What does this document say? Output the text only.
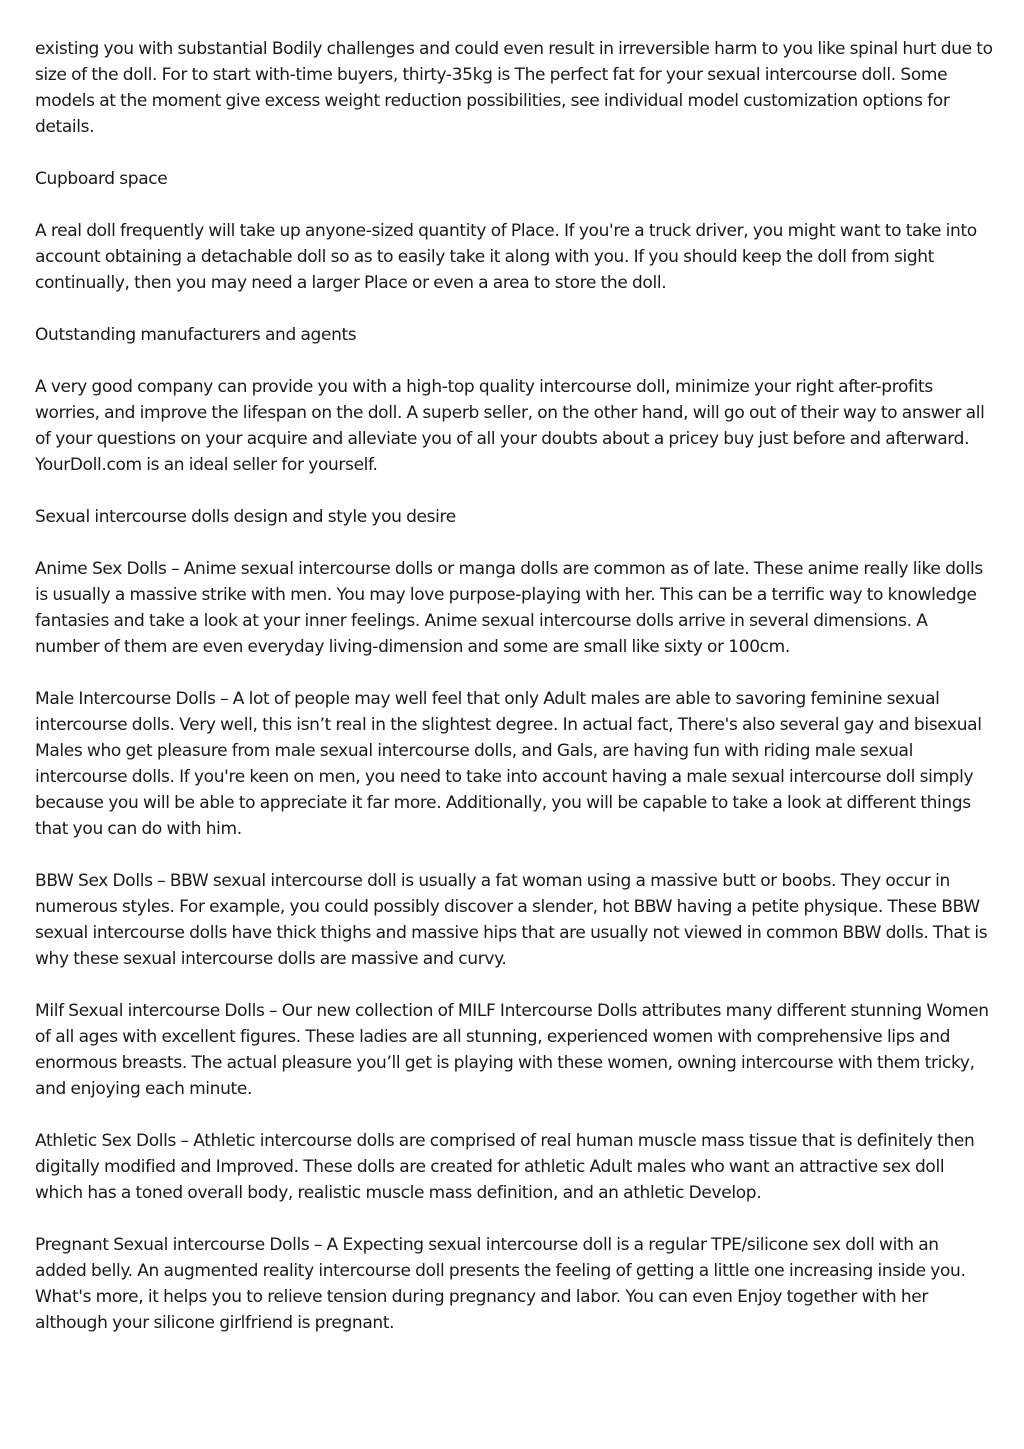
existing you with substantial Bodily challenges and could even result in irreversible harm to you like spinal hurt due to size of the doll. For to start with-time buyers, thirty-35kg is The perfect fat for your sexual intercourse doll. Some models at the moment give excess weight reduction possibilities, see individual model customization options for details.

Cupboard space

A real doll frequently will take up anyone-sized quantity of Place. If you're a truck driver, you might want to take into account obtaining a detachable doll so as to easily take it along with you. If you should keep the doll from sight continually, then you may need a larger Place or even a area to store the doll.

Outstanding manufacturers and agents

A very good company can provide you with a high-top quality intercourse doll, minimize your right after-profits worries, and improve the lifespan on the doll. A superb seller, on the other hand, will go out of their way to answer all of your questions on your acquire and alleviate you of all your doubts about a pricey buy just before and afterward. YourDoll.com is an ideal seller for yourself.

Sexual intercourse dolls design and style you desire

Anime Sex Dolls – Anime sexual intercourse dolls or manga dolls are common as of late. These anime really like dolls is usually a massive strike with men. You may love purpose-playing with her. This can be a terrific way to knowledge fantasies and take a look at your inner feelings. Anime sexual intercourse dolls arrive in several dimensions. A number of them are even everyday living-dimension and some are small like sixty or 100cm.

Male Intercourse Dolls – A lot of people may well feel that only Adult males are able to savoring feminine sexual intercourse dolls. Very well, this isn’t real in the slightest degree. In actual fact, There's also several gay and bisexual Males who get pleasure from male sexual intercourse dolls, and Gals, are having fun with riding male sexual intercourse dolls. If you're keen on men, you need to take into account having a male sexual intercourse doll simply because you will be able to appreciate it far more. Additionally, you will be capable to take a look at different things that you can do with him.

BBW Sex Dolls – BBW sexual intercourse doll is usually a fat woman using a massive butt or boobs. They occur in numerous styles. For example, you could possibly discover a slender, hot BBW having a petite physique. These BBW sexual intercourse dolls have thick thighs and massive hips that are usually not viewed in common BBW dolls. That is why these sexual intercourse dolls are massive and curvy.

Milf Sexual intercourse Dolls – Our new collection of MILF Intercourse Dolls attributes many different stunning Women of all ages with excellent figures. These ladies are all stunning, experienced women with comprehensive lips and enormous breasts. The actual pleasure you’ll get is playing with these women, owning intercourse with them tricky, and enjoying each minute.

Athletic Sex Dolls – Athletic intercourse dolls are comprised of real human muscle mass tissue that is definitely then digitally modified and Improved. These dolls are created for athletic Adult males who want an attractive sex doll which has a toned overall body, realistic muscle mass definition, and an athletic Develop.

Pregnant Sexual intercourse Dolls – A Expecting sexual intercourse doll is a regular TPE/silicone sex doll with an added belly. An augmented reality intercourse doll presents the feeling of getting a little one increasing inside you. What's more, it helps you to relieve tension during pregnancy and labor. You can even Enjoy together with her although your silicone girlfriend is pregnant.
